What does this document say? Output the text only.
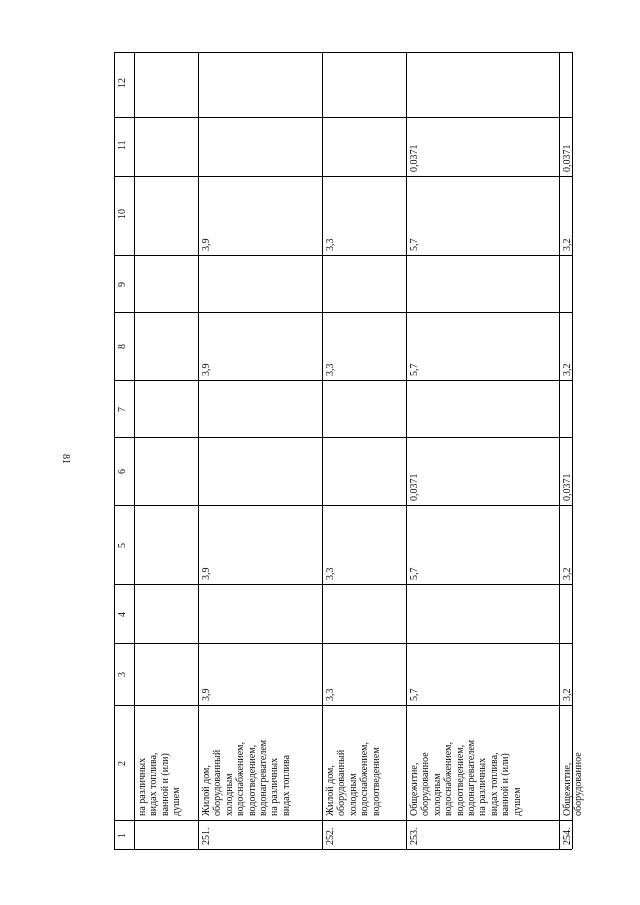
81
1
2
3
4
5
6
7
8
9
10
11
12
на различных
видах топлива,
ванной и (или)
душем
251.
Жилой дом,
оборудованный
холодным
водоснабжением,
водоотведением,
водонагревателем
на различных
видах топлива
3,9
3,9
3,9
3,9
252.
Жилой дом,
оборудованный
холодным
водоснабжением,
водоотведением
3,3
3,3
3,3
3,3
253.
Общежитие,
оборудованное
холодным
водоснабжением,
водоотведением,
водонагревателем
на различных
видах топлива,
ванной и (или)
душем
5,7
5,7
0,0371
5,7
5,7
0,0371
254.
Общежитие,
оборудованное
3,2
3,2
0,0371
3,2
3,2
0,0371
